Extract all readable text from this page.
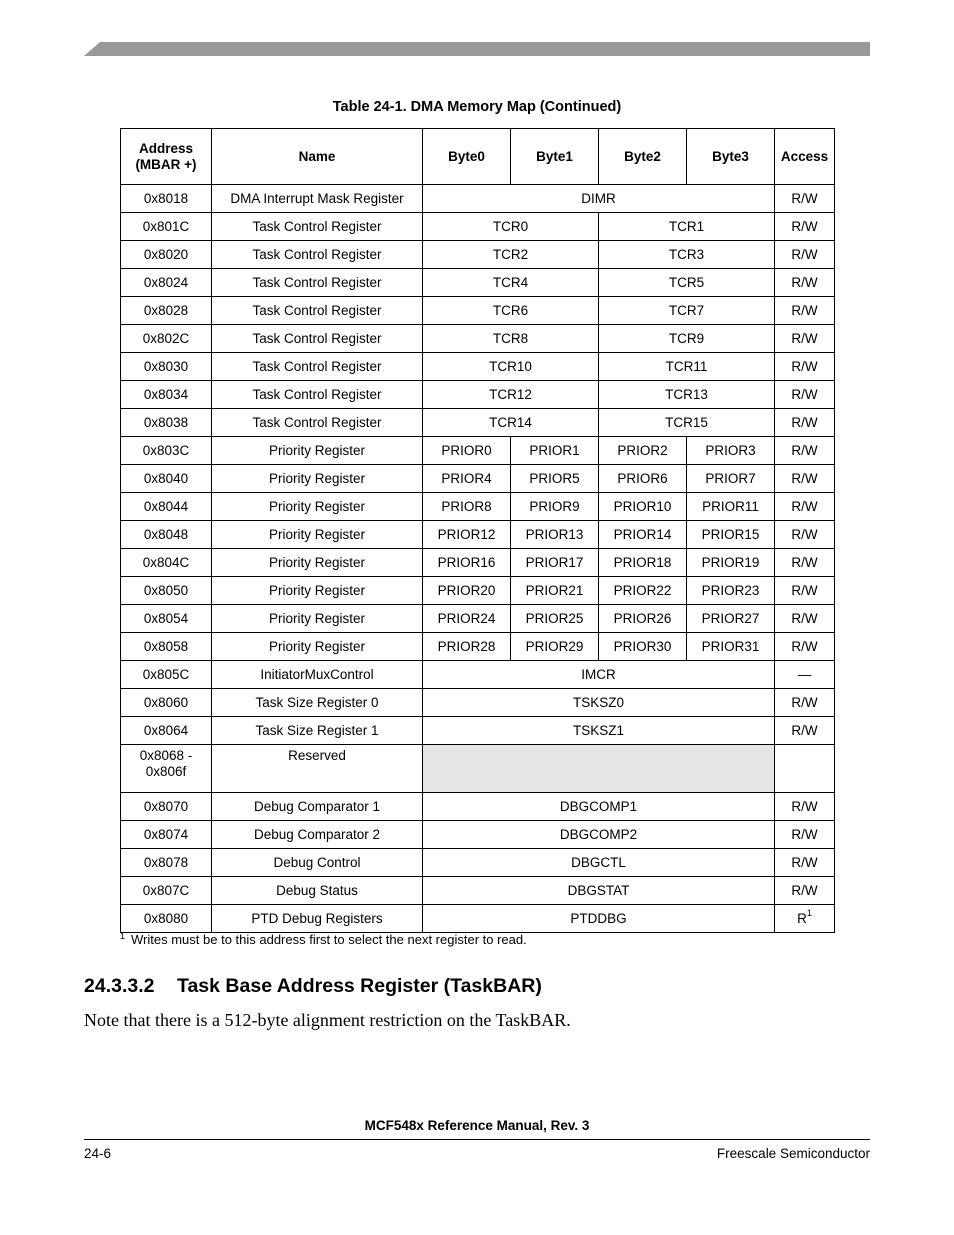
Table 24-1. DMA Memory Map (Continued)
Address (MBAR +)	Name	Byte0	Byte1	Byte2	Byte3	Access
0x8018	DMA Interrupt Mask Register	DIMR				R/W
0x801C	Task Control Register	TCR0		TCR1		R/W
0x8020	Task Control Register	TCR2		TCR3		R/W
0x8024	Task Control Register	TCR4		TCR5		R/W
0x8028	Task Control Register	TCR6		TCR7		R/W
0x802C	Task Control Register	TCR8		TCR9		R/W
0x8030	Task Control Register	TCR10		TCR11		R/W
0x8034	Task Control Register	TCR12		TCR13		R/W
0x8038	Task Control Register	TCR14		TCR15		R/W
0x803C	Priority Register	PRIOR0	PRIOR1	PRIOR2	PRIOR3	R/W
0x8040	Priority Register	PRIOR4	PRIOR5	PRIOR6	PRIOR7	R/W
0x8044	Priority Register	PRIOR8	PRIOR9	PRIOR10	PRIOR11	R/W
0x8048	Priority Register	PRIOR12	PRIOR13	PRIOR14	PRIOR15	R/W
0x804C	Priority Register	PRIOR16	PRIOR17	PRIOR18	PRIOR19	R/W
0x8050	Priority Register	PRIOR20	PRIOR21	PRIOR22	PRIOR23	R/W
0x8054	Priority Register	PRIOR24	PRIOR25	PRIOR26	PRIOR27	R/W
0x8058	Priority Register	PRIOR28	PRIOR29	PRIOR30	PRIOR31	R/W
0x805C	InitiatorMuxControl	IMCR				—
0x8060	Task Size Register 0	TSKSZ0				R/W
0x8064	Task Size Register 1	TSKSZ1				R/W
0x8068 - 0x806f	Reserved					
0x8070	Debug Comparator 1	DBGCOMP1				R/W
0x8074	Debug Comparator 2	DBGCOMP2				R/W
0x8078	Debug Control	DBGCTL				R/W
0x807C	Debug Status	DBGSTAT				R/W
0x8080	PTD Debug Registers	PTDDBG				$R^1$
$^1$ Writes must be to this address first to select the next register to read.
24.3.3.2 Task Base Address Register (TaskBAR)
Note that there is a 512-byte alignment restriction on the TaskBAR.
MCF548x Reference Manual, Rev. 3
24-6	Freescale Semiconductor
